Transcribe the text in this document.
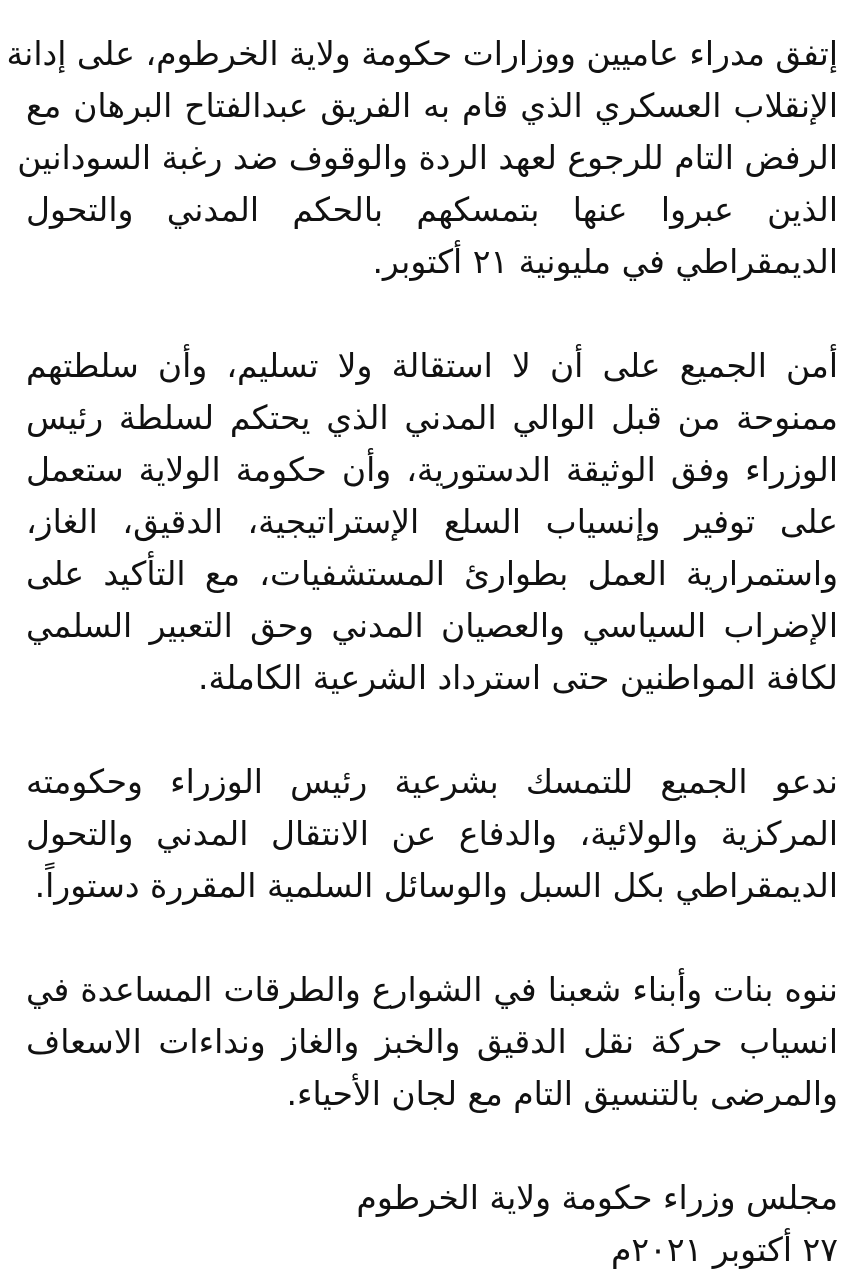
إتفق مدراء عاميين ووزارات حكومة ولاية الخرطوم، على إدانة
الإنقلاب العسكري الذي قام به الفريق عبدالفتاح البرهان مع
الرفض التام للرجوع لعهد الردة والوقوف ضد رغبة السودانين
الذين عبروا عنها بتمسكهم بالحكم المدني والتحول
الديمقراطي في مليونية ٢١ أكتوبر.
أمن الجميع على أن لا استقالة ولا تسليم، وأن سلطتهم
ممنوحة من قبل الوالي المدني الذي يحتكم لسلطة رئيس
الوزراء وفق الوثيقة الدستورية، وأن حكومة الولاية ستعمل
على توفير وإنسياب السلع الإستراتيجية، الدقيق، الغاز،
واستمرارية العمل بطوارئ المستشفيات، مع التأكيد على
الإضراب السياسي والعصيان المدني وحق التعبير السلمي
لكافة المواطنين حتى استرداد الشرعية الكاملة.
ندعو الجميع للتمسك بشرعية رئيس الوزراء وحكومته
المركزية والولائية، والدفاع عن الانتقال المدني والتحول
الديمقراطي بكل السبل والوسائل السلمية المقررة دستوراً.
ننوه بنات وأبناء شعبنا في الشوارع والطرقات المساعدة في
انسياب حركة نقل الدقيق والخبز والغاز ونداءات الاسعاف
والمرضى بالتنسيق التام مع لجان الأحياء.
مجلس وزراء حكومة ولاية الخرطوم
٢٧ أكتوبر ٢٠٢١م
